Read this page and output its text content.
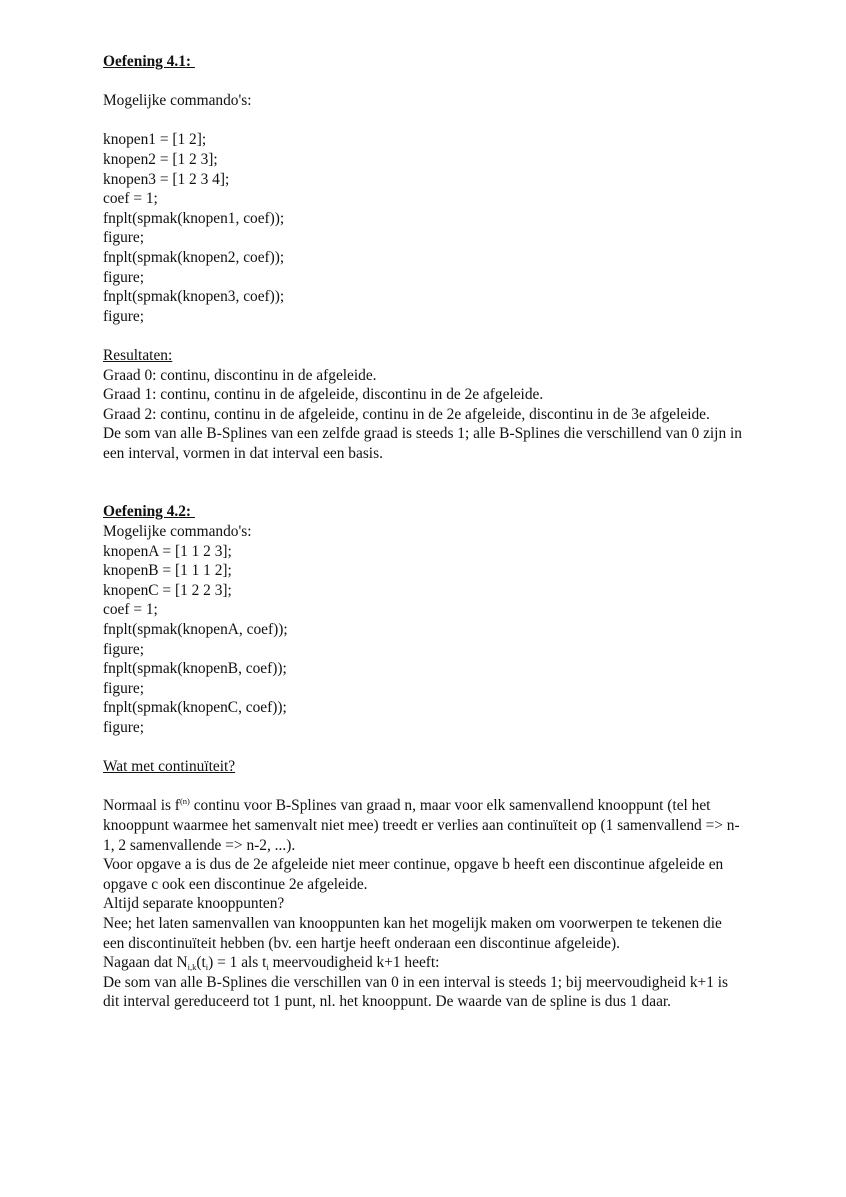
Oefening 4.1:
Mogelijke commando's:
knopen1 = [1 2];
knopen2 = [1 2 3];
knopen3 = [1 2 3 4];
coef = 1;
fnplt(spmak(knopen1, coef));
figure;
fnplt(spmak(knopen2, coef));
figure;
fnplt(spmak(knopen3, coef));
figure;
Resultaten:
Graad 0: continu, discontinu in de afgeleide.
Graad 1: continu, continu in de afgeleide, discontinu in de 2e afgeleide.
Graad 2: continu, continu in de afgeleide, continu in de 2e afgeleide, discontinu in de 3e afgeleide.
De som van alle B-Splines van een zelfde graad is steeds 1; alle B-Splines die verschillend van 0 zijn in een interval, vormen in dat interval een basis.
Oefening 4.2:
Mogelijke commando's:
knopenA = [1 1 2 3];
knopenB = [1 1 1 2];
knopenC = [1 2 2 3];
coef = 1;
fnplt(spmak(knopenA, coef));
figure;
fnplt(spmak(knopenB, coef));
figure;
fnplt(spmak(knopenC, coef));
figure;
Wat met continuïteit?
Normaal is $f^{(n)}$ continu voor B-Splines van graad n, maar voor elk samenvallend knooppunt (tel het knooppunt waarmee het samenvalt niet mee) treedt er verlies aan continuïteit op (1 samenvallend => n-1, 2 samenvallende => n-2, ...).
Voor opgave a is dus de 2e afgeleide niet meer continue, opgave b heeft een discontinue afgeleide en opgave c ook een discontinue 2e afgeleide.
Altijd separate knooppunten?
Nee; het laten samenvallen van knooppunten kan het mogelijk maken om voorwerpen te tekenen die een discontinuïteit hebben (bv. een hartje heeft onderaan een discontinue afgeleide).
Nagaan dat $N_{i,k}(t_i) = 1$ als $t_i$ meervoudigheid k+1 heeft:
De som van alle B-Splines die verschillen van 0 in een interval is steeds 1; bij meervoudigheid k+1 is dit interval gereduceerd tot 1 punt, nl. het knooppunt. De waarde van de spline is dus 1 daar.
